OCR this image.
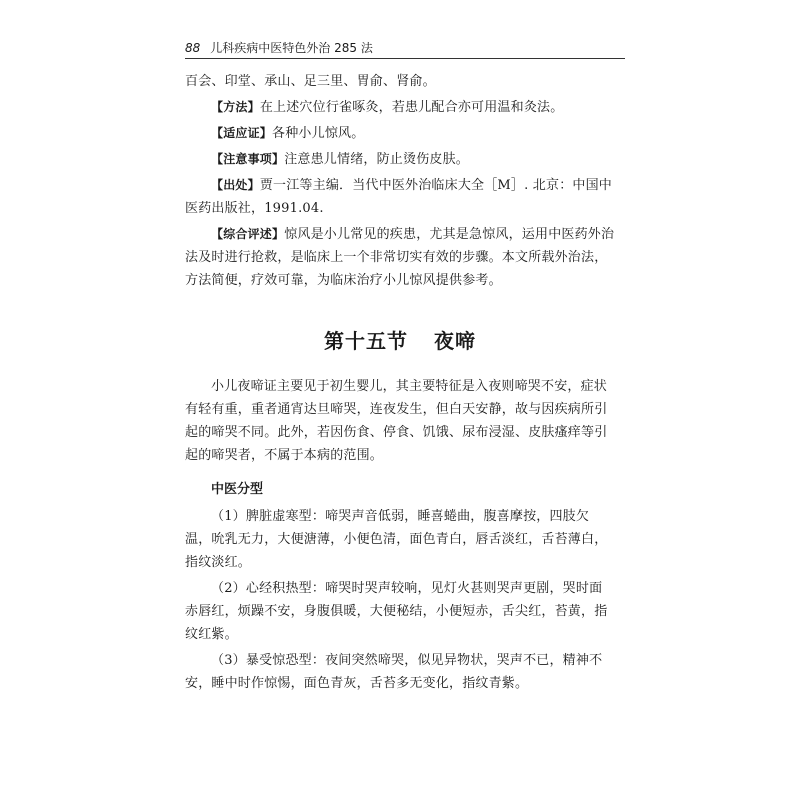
88 儿科疾病中医特色外治 285 法

百会、印堂、承山、足三里、胃俞、肾俞。

【方法】在上述穴位行雀啄灸，若患儿配合亦可用温和灸法。

【适应证】各种小儿惊风。

【注意事项】注意患儿情绪，防止烫伤皮肤。

【出处】贾一江等主编．当代中医外治临床大全［M］. 北京：中国中医药出版社，1991.04.

【综合评述】惊风是小儿常见的疾患，尤其是急惊风，运用中医药外治法及时进行抢救，是临床上一个非常切实有效的步骤。本文所载外治法，方法简便，疗效可靠，为临床治疗小儿惊风提供参考。

第十五节 夜啼

小儿夜啼证主要见于初生婴儿，其主要特征是入夜则啼哭不安，症状有轻有重，重者通宵达旦啼哭，连夜发生，但白天安静，故与因疾病所引起的啼哭不同。此外，若因伤食、停食、饥饿、尿布浸湿、皮肤瘙痒等引起的啼哭者，不属于本病的范围。

中医分型

（1）脾脏虚寒型：啼哭声音低弱，睡喜蜷曲，腹喜摩按，四肢欠温，吮乳无力，大便溏薄，小便色清，面色青白，唇舌淡红，舌苔薄白，指纹淡红。

（2）心经积热型：啼哭时哭声较响，见灯火甚则哭声更剧，哭时面赤唇红，烦躁不安，身腹俱暖，大便秘结，小便短赤，舌尖红，苔黄，指纹红紫。

（3）暴受惊恐型：夜间突然啼哭，似见异物状，哭声不已，精神不安，睡中时作惊惕，面色青灰，舌苔多无变化，指纹青紫。
